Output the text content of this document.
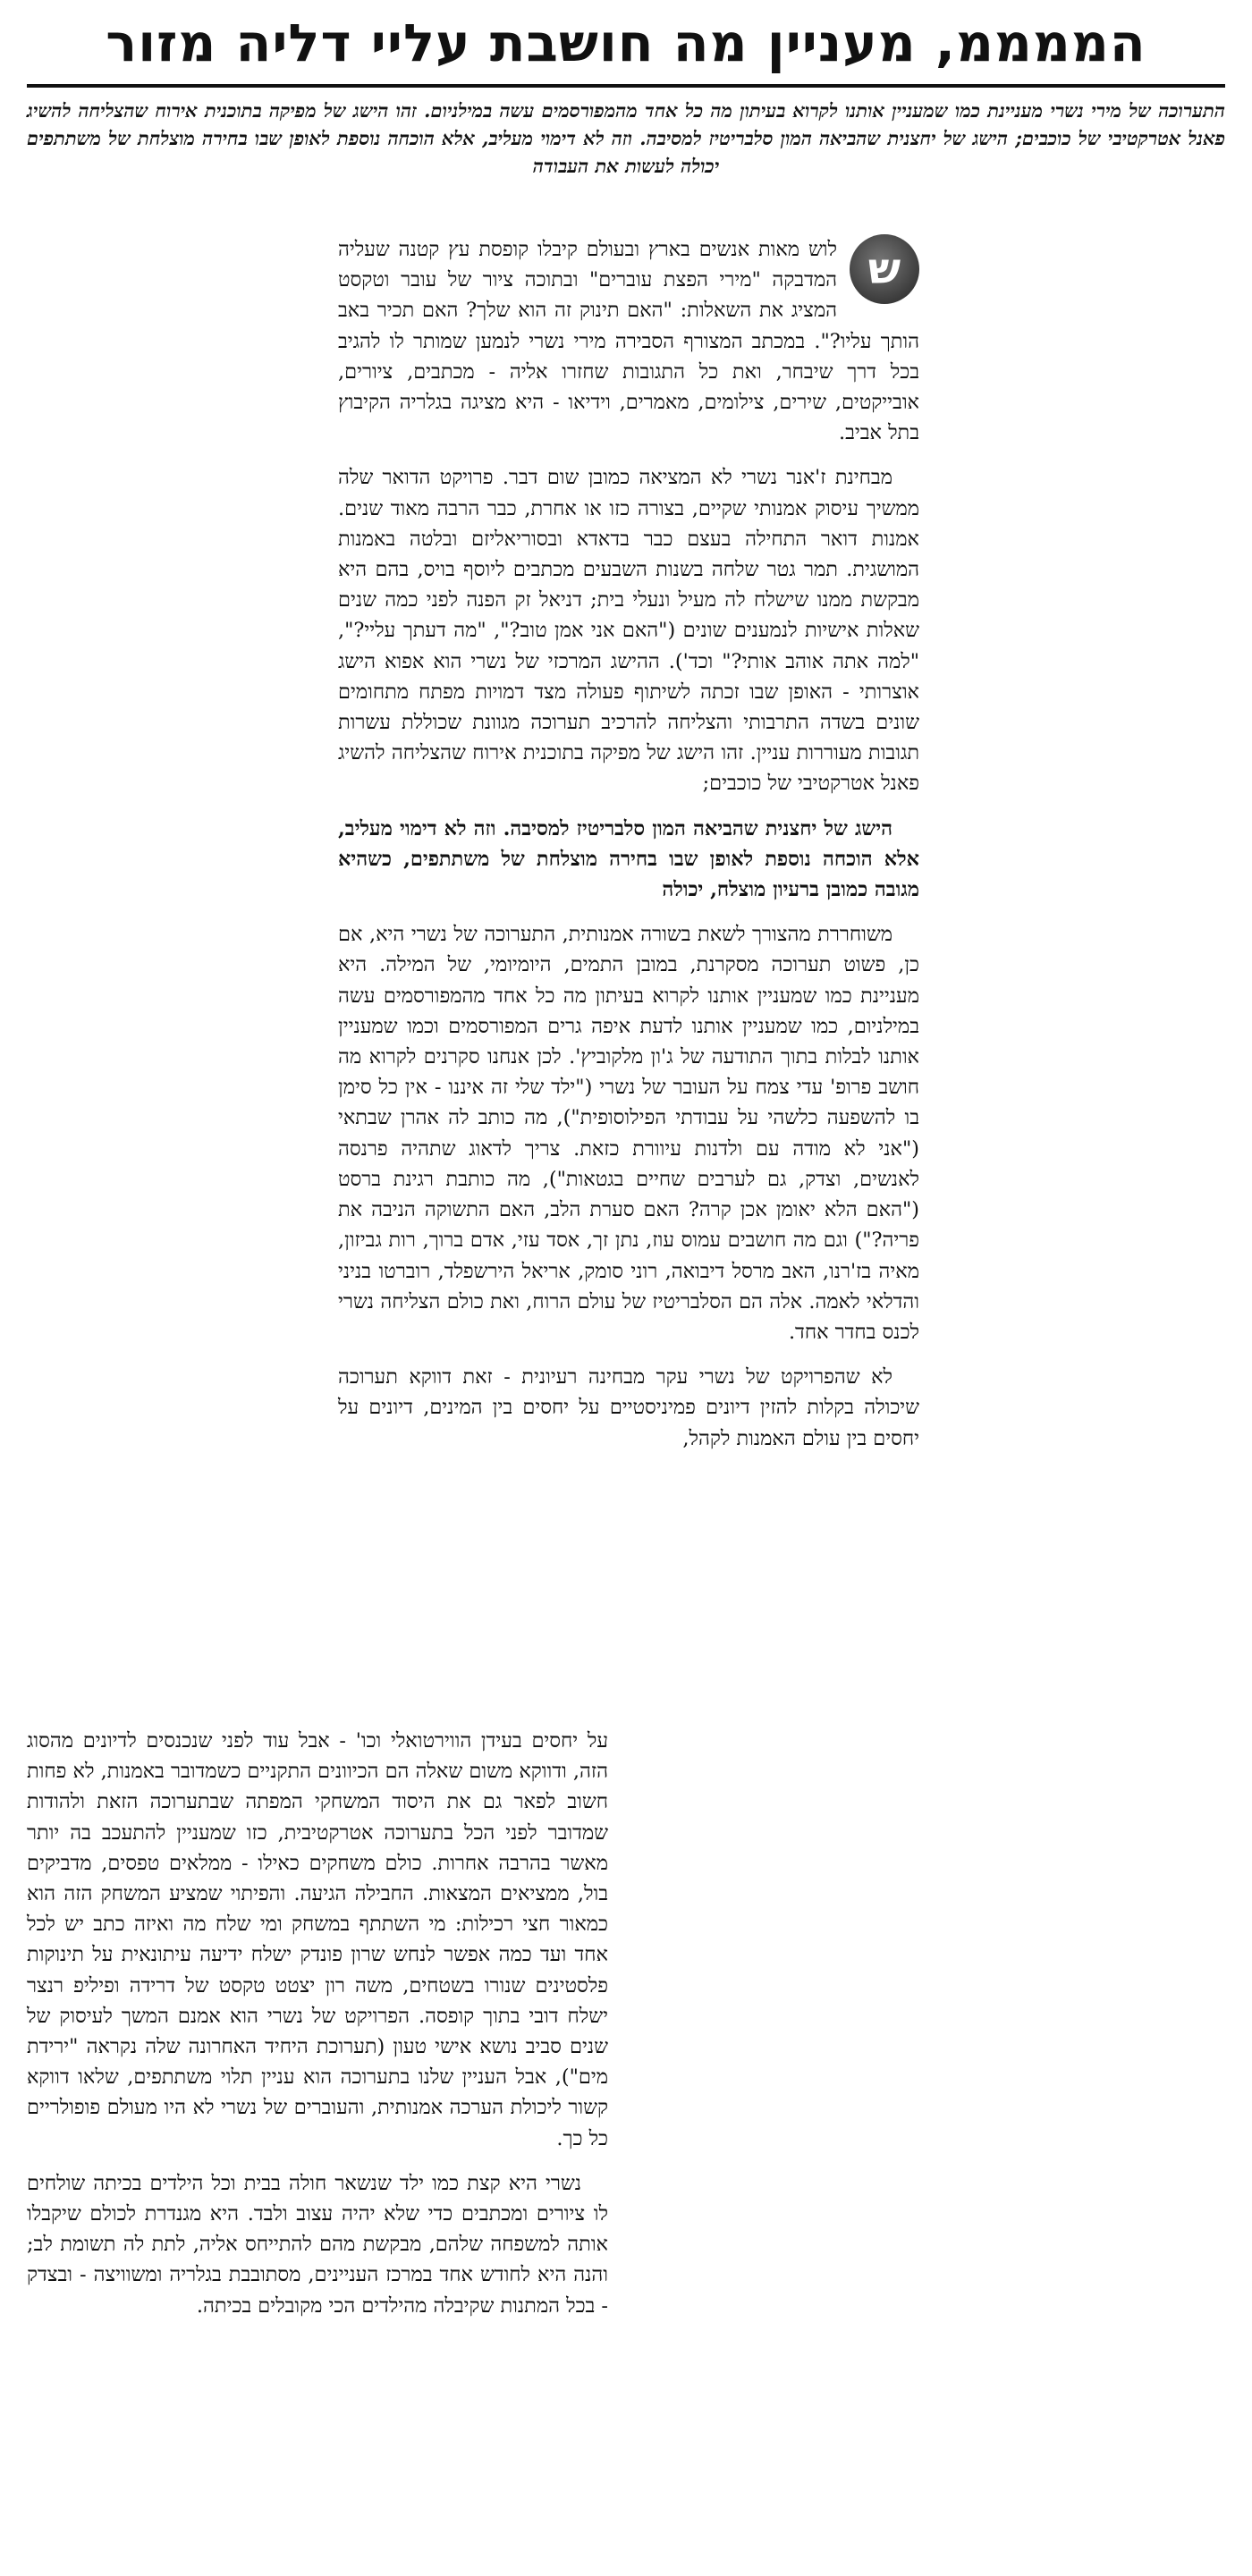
הממממ, מעניין מה חושבת עליי דליה מזור

התערוכה של מירי נשרי מעניינת כמו שמעניין אותנו לקרוא בעיתון מה כל אחד מהמפורסמים עשה במילניום. זהו הישג של מפיקה בתוכנית אירוח שהצליחה להשיג פאנל אטרקטיבי של כוכבים; הישג של יחצנית שהביאה המון סלבריטיז למסיבה. וזה לא דימוי מעליב, אלא הוכחה נוספת לאופן שבו בחירה מוצלחת של משתתפים יכולה לעשות את העבודה

ש
לוש מאות אנשים בארץ ובעולם קיבלו קופסת עץ קטנה שעליה המדבקה "מירי הפצת עוברים" ובתוכה ציור של עובר וטקסט המציג את השאלות: "האם תינוק זה הוא שלך? האם תכיר באב הותך עליו?". במכתב המצורף הסבירה מירי נשרי לנמען שמותר לו להגיב בכל דרך שיבחר, ואת כל התגובות שחזרו אליה - מכתבים, ציורים, אובייקטים, שירים, צילומים, מאמרים, וידיאו - היא מציגה בגלריה הקיבוץ בתל אביב.

מבחינת ז'אנר נשרי לא המציאה כמובן שום דבר. פרויקט הדואר שלה ממשיך עיסוק אמנותי שקיים, בצורה כזו או אחרת, כבר הרבה מאוד שנים. אמנות דואר התחילה בעצם כבר בדאדא ובסוריאליזם ובלטה באמנות המושגית. תמר גטר שלחה בשנות השבעים מכתבים ליוסף בויס, בהם היא מבקשת ממנו שישלח לה מעיל ונעלי בית; דניאל זק הפנה לפני כמה שנים שאלות אישיות לנמענים שונים ("האם אני אמן טוב?", "מה דעתך עליי?", "למה אתה אוהב אותי?" וכד'). ההישג המרכזי של נשרי הוא אפוא הישג אוצרותי - האופן שבו זכתה לשיתוף פעולה מצד דמויות מפתח מתחומים שונים בשדה התרבותי והצליחה להרכיב תערוכה מגוונת שכוללת עשרות תגובות מעוררות עניין. זהו הישג של מפיקה בתוכנית אירוח שהצליחה להשיג פאנל אטרקטיבי של כוכבים;

הישג של יחצנית שהביאה המון סלבריטיז למסיבה. וזה לא דימוי מעליב, אלא הוכחה נוספת לאופן שבו בחירה מוצלחת של משתתפים, כשהיא מגובה כמובן ברעיון מוצלח, יכולה

משוחררת מהצורך לשאת בשורה אמנותית, התערוכה של נשרי היא, אם כן, פשוט תערוכה מסקרנת, במובן התמים, היומיומי, של המילה. היא מעניינת כמו שמעניין אותנו לקרוא בעיתון מה כל אחד מהמפורסמים עשה במילניום, כמו שמעניין אותנו לדעת איפה גרים המפורסמים וכמו שמעניין אותנו לבלות בתוך התודעה של ג'ון מלקוביץ'. לכן אנחנו סקרנים לקרוא מה חושב פרופ' עדי צמח על העובר של נשרי ("ילד שלי זה איננו - אין כל סימן בו להשפעה כלשהי על עבודתי הפילוסופית"), מה כותב לה אהרן שבתאי ("אני לא מודה עם ולדנות עיוורת כזאת. צריך לדאוג שתהיה פרנסה לאנשים, וצדק, גם לערבים שחיים בגטאות"), מה כותבת רגינת ברסט ("האם הלא יאומן אכן קרה? האם סערת הלב, האם התשוקה הניבה את פריה?") וגם מה חושבים עמוס עוז, נתן זך, אסד עזי, אדם ברוך, רות גביזון, מאיה בז'רנו, האב מרסל דיבואה, רוני סומק, אריאל הירשפלד, רוברטו בניני והדלאי לאמה. אלה הם הסלבריטיז של עולם הרוח, ואת כולם הצליחה נשרי לכנס בחדר אחד.

לא שהפרויקט של נשרי עקר מבחינה רעיונית - זאת דווקא תערוכה שיכולה בקלות להזין דיונים פמיניסטיים על יחסים בין המינים, דיונים על יחסים בין עולם האמנות לקהל,

על יחסים בעידן הווירטואלי וכו' - אבל עוד לפני שנכנסים לדיונים מהסוג הזה, ודווקא משום שאלה הם הכיוונים התקניים כשמדובר באמנות, לא פחות חשוב לפאר גם את היסוד המשחקי המפתה שבתערוכה הזאת ולהודות שמדובר לפני הכל בתערוכה אטרקטיבית, כזו שמעניין להתעכב בה יותר מאשר בהרבה אחרות. כולם משחקים כאילו - ממלאים טפסים, מדביקים בול, ממציאים המצאות. החבילה הגיעה. והפיתוי שמציע המשחק הזה הוא כמאור חצי רכילות: מי השתתף במשחק ומי שלח מה ואיזה כתב יש לכל אחד ועד כמה אפשר לנחש שרון פונדק ישלח ידיעה עיתונאית על תינוקות פלסטינים שנורו בשטחים, משה רון יצטט טקסט של דרידה ופיליפ רנצר ישלח דובי בתוך קופסה. הפרויקט של נשרי הוא אמנם המשך לעיסוק של שנים סביב נושא אישי טעון (תערוכת היחיד האחרונה שלה נקראה "ירידת מים"), אבל העניין שלנו בתערוכה הוא עניין תלוי משתתפים, שלאו דווקא קשור ליכולת הערכה אמנותית, והעוברים של נשרי לא היו מעולם פופולריים כל כך.

נשרי היא קצת כמו ילד שנשאר חולה בבית וכל הילדים בכיתה שולחים לו ציורים ומכתבים כדי שלא יהיה עצוב ולבד. היא מגנדרת לכולם שיקבלו אותה למשפחה שלהם, מבקשת מהם להתייחס אליה, לתת לה תשומת לב; והנה היא לחודש אחד במרכז העניינים, מסתובבת בגלריה ומשוויצה - ובצדק - בכל המתנות שקיבלה מהילדים הכי מקובלים בכיתה.
